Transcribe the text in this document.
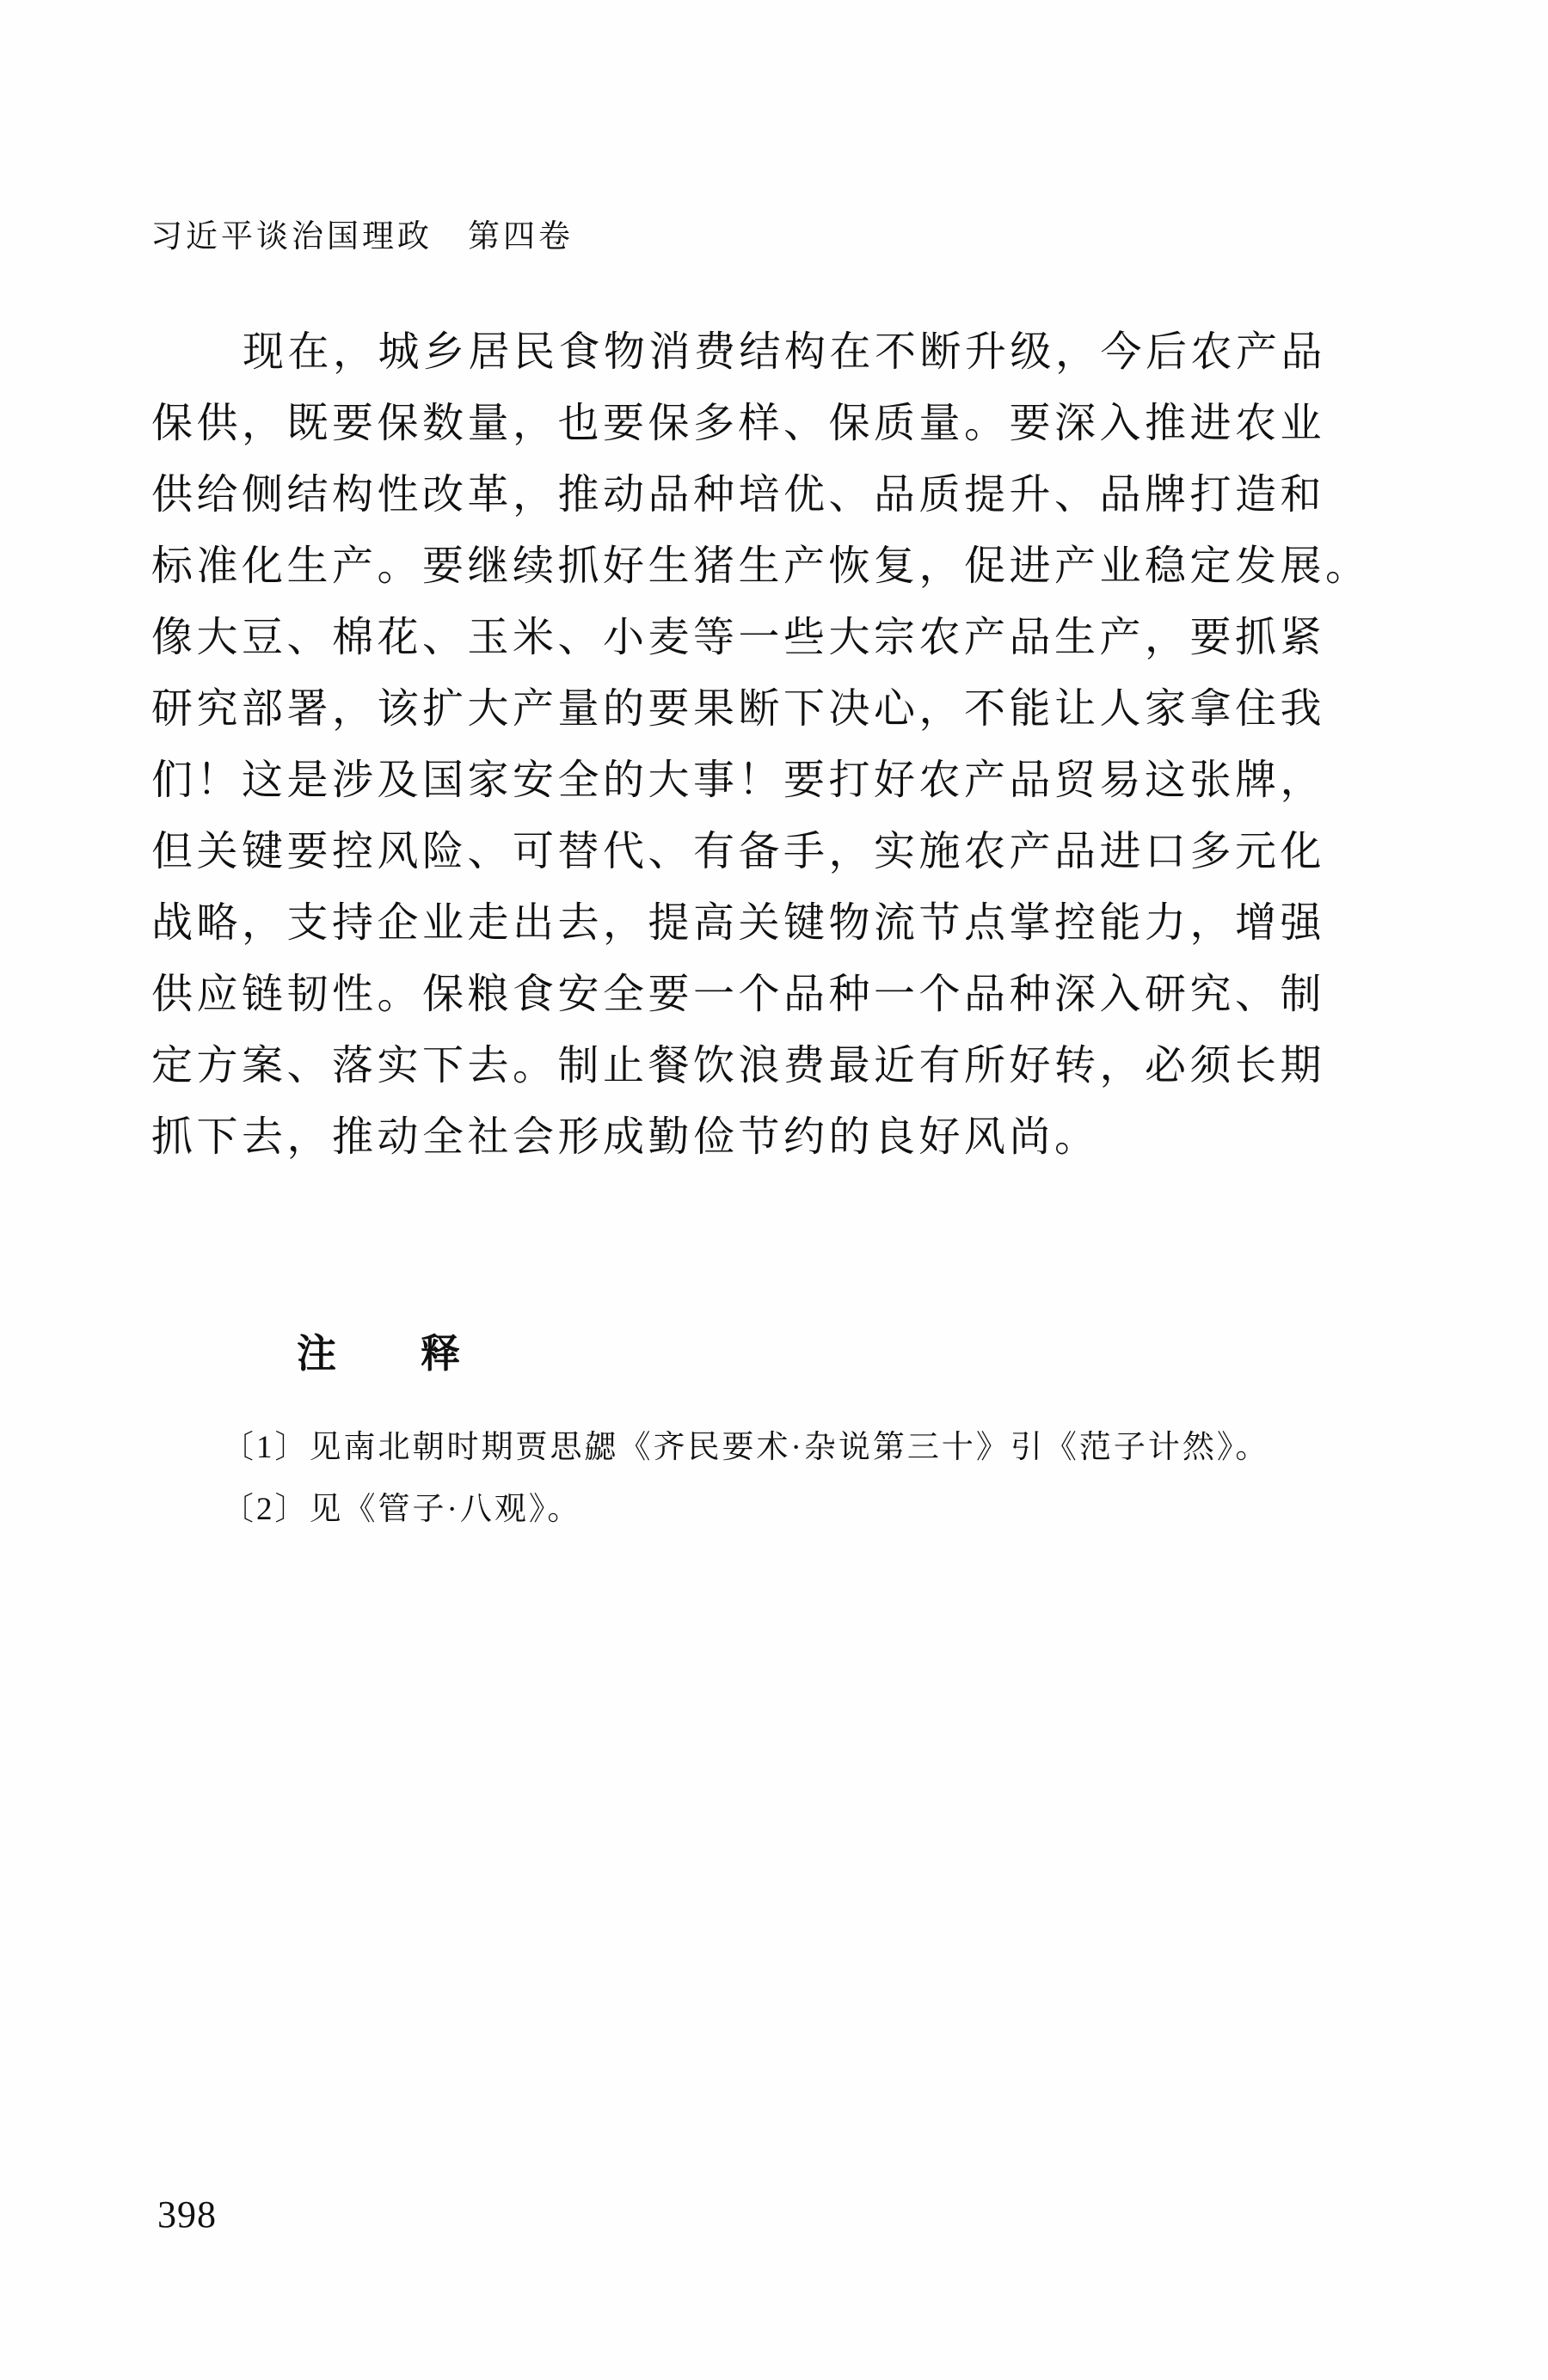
习近平谈治国理政　第四卷
现在，城乡居民食物消费结构在不断升级，今后农产品
保供，既要保数量，也要保多样、保质量。要深入推进农业
供给侧结构性改革，推动品种培优、品质提升、品牌打造和
标准化生产。要继续抓好生猪生产恢复，促进产业稳定发展。
像大豆、棉花、玉米、小麦等一些大宗农产品生产，要抓紧
研究部署，该扩大产量的要果断下决心，不能让人家拿住我
们！这是涉及国家安全的大事！要打好农产品贸易这张牌，
但关键要控风险、可替代、有备手，实施农产品进口多元化
战略，支持企业走出去，提高关键物流节点掌控能力，增强
供应链韧性。保粮食安全要一个品种一个品种深入研究、制
定方案、落实下去。制止餐饮浪费最近有所好转，必须长期
抓下去，推动全社会形成勤俭节约的良好风尚。
注　　释
〔1〕见南北朝时期贾思勰《齐民要术·杂说第三十》引《范子计然》。
〔2〕见《管子·八观》。
398
